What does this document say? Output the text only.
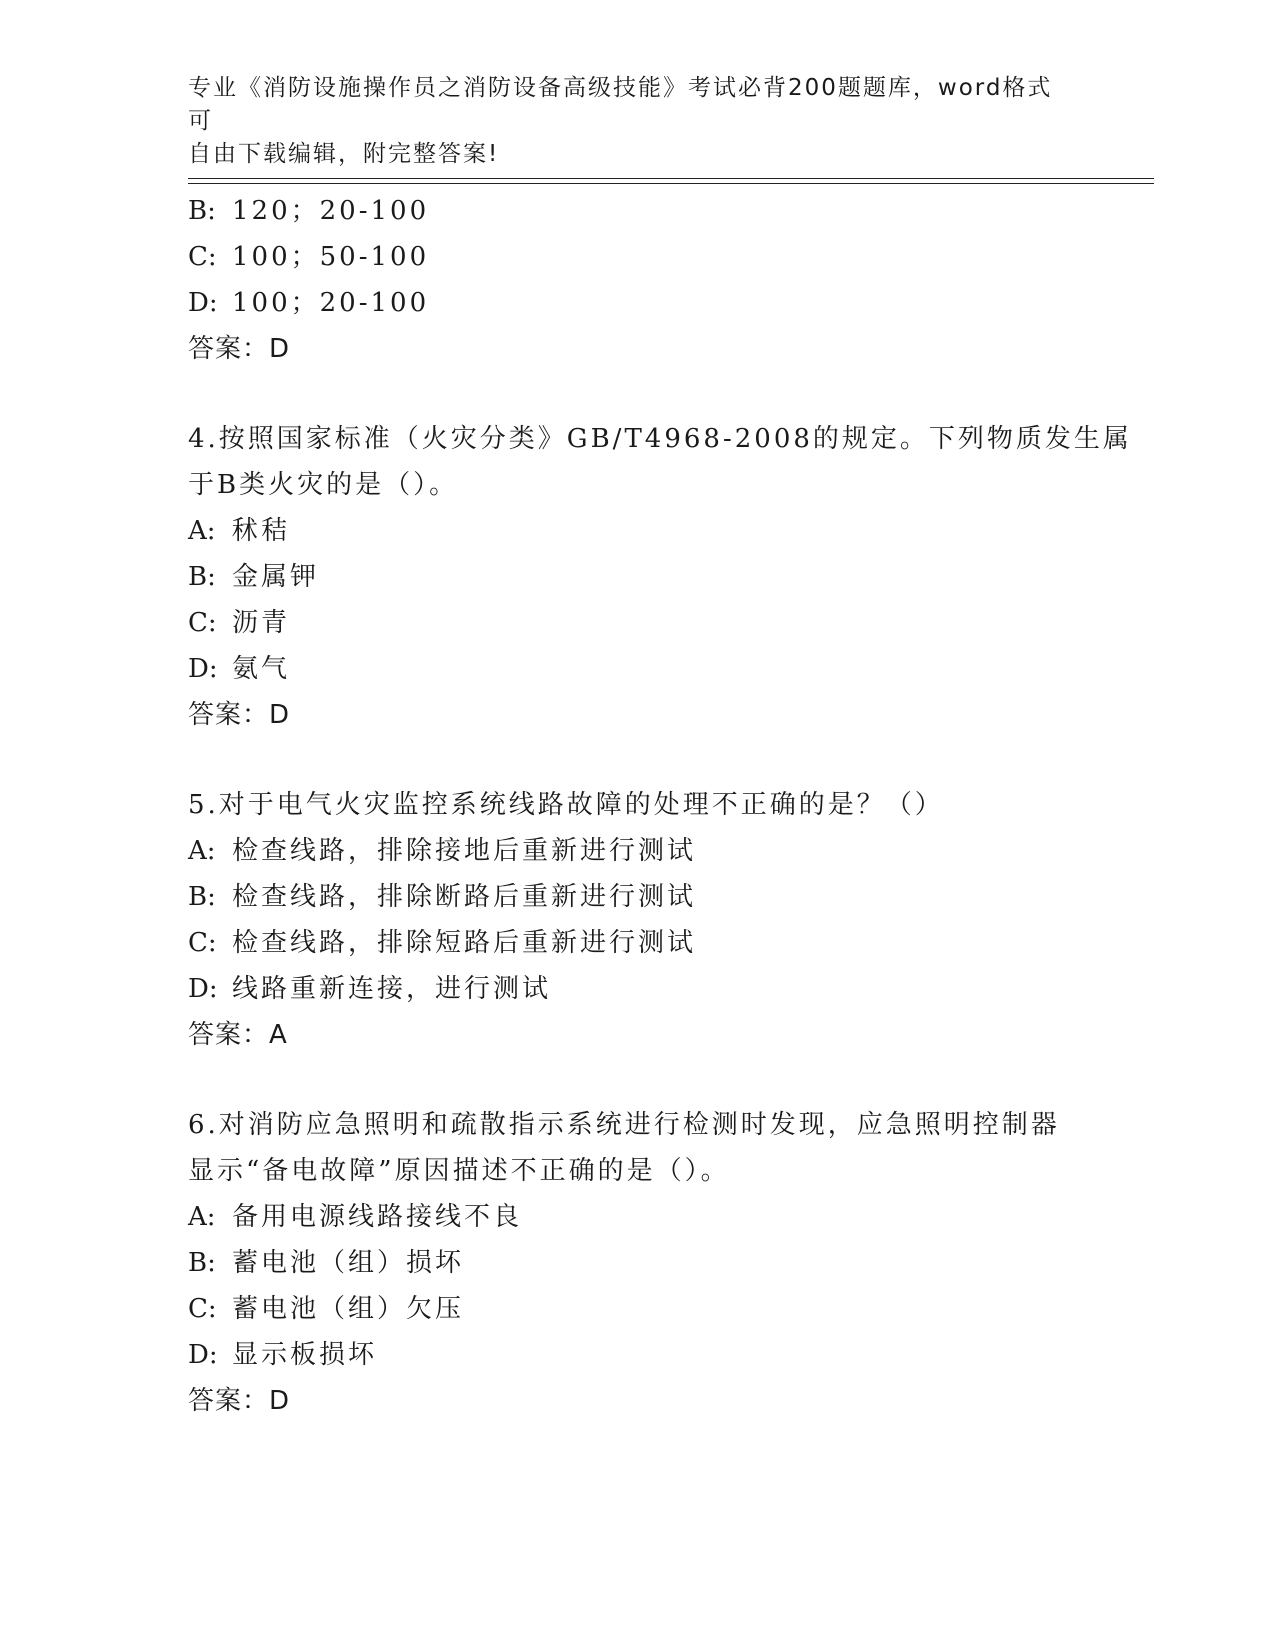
专业《消防设施操作员之消防设备高级技能》考试必背200题题库，word格式可
自由下载编辑，附完整答案!
B: 120；20-100
C: 100；50-100
D: 100；20-100
答案：D
4.按照国家标准（火灾分类》GB/T4968-2008的规定。下列物质发生属
于B类火灾的是（）。
A: 秫秸
B: 金属钾
C: 沥青
D: 氨气
答案：D
5.对于电气火灾监控系统线路故障的处理不正确的是？（）
A: 检查线路，排除接地后重新进行测试
B: 检查线路，排除断路后重新进行测试
C: 检查线路，排除短路后重新进行测试
D: 线路重新连接，进行测试
答案：A
6.对消防应急照明和疏散指示系统进行检测时发现，应急照明控制器
显示“备电故障”原因描述不正确的是（）。
A: 备用电源线路接线不良
B: 蓄电池（组）损坏
C: 蓄电池（组）欠压
D: 显示板损坏
答案：D
